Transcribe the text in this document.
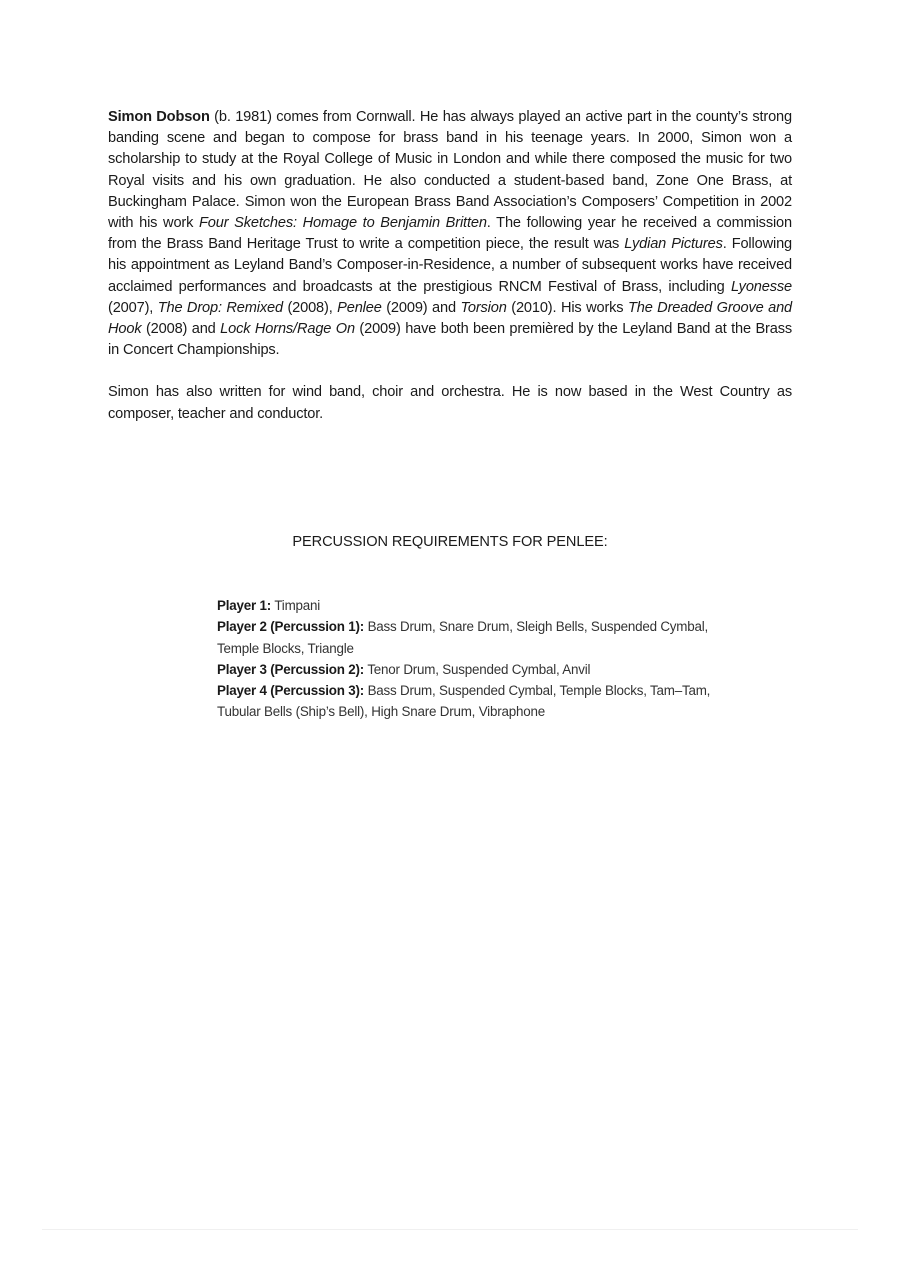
Simon Dobson (b. 1981) comes from Cornwall. He has always played an active part in the county’s strong banding scene and began to compose for brass band in his teenage years. In 2000, Simon won a scholarship to study at the Royal College of Music in London and while there composed the music for two Royal visits and his own graduation. He also conducted a student-based band, Zone One Brass, at Buckingham Palace. Simon won the European Brass Band Association’s Composers’ Competition in 2002 with his work Four Sketches: Homage to Benjamin Britten. The following year he received a commission from the Brass Band Heritage Trust to write a competition piece, the result was Lydian Pictures. Following his appointment as Leyland Band’s Composer-in-Residence, a number of subsequent works have received acclaimed performances and broadcasts at the prestigious RNCM Festival of Brass, including Lyonesse (2007), The Drop: Remixed (2008), Penlee (2009) and Torsion (2010). His works The Dreaded Groove and Hook (2008) and Lock Horns/Rage On (2009) have both been premièred by the Leyland Band at the Brass in Concert Championships.

Simon has also written for wind band, choir and orchestra. He is now based in the West Country as composer, teacher and conductor.

PERCUSSION REQUIREMENTS FOR PENLEE:
Player 1: Timpani
Player 2 (Percussion 1): Bass Drum, Snare Drum, Sleigh Bells, Suspended Cymbal, Temple Blocks, Triangle
Player 3 (Percussion 2): Tenor Drum, Suspended Cymbal, Anvil
Player 4 (Percussion 3): Bass Drum, Suspended Cymbal, Temple Blocks, Tam–Tam, Tubular Bells (Ship’s Bell), High Snare Drum, Vibraphone
